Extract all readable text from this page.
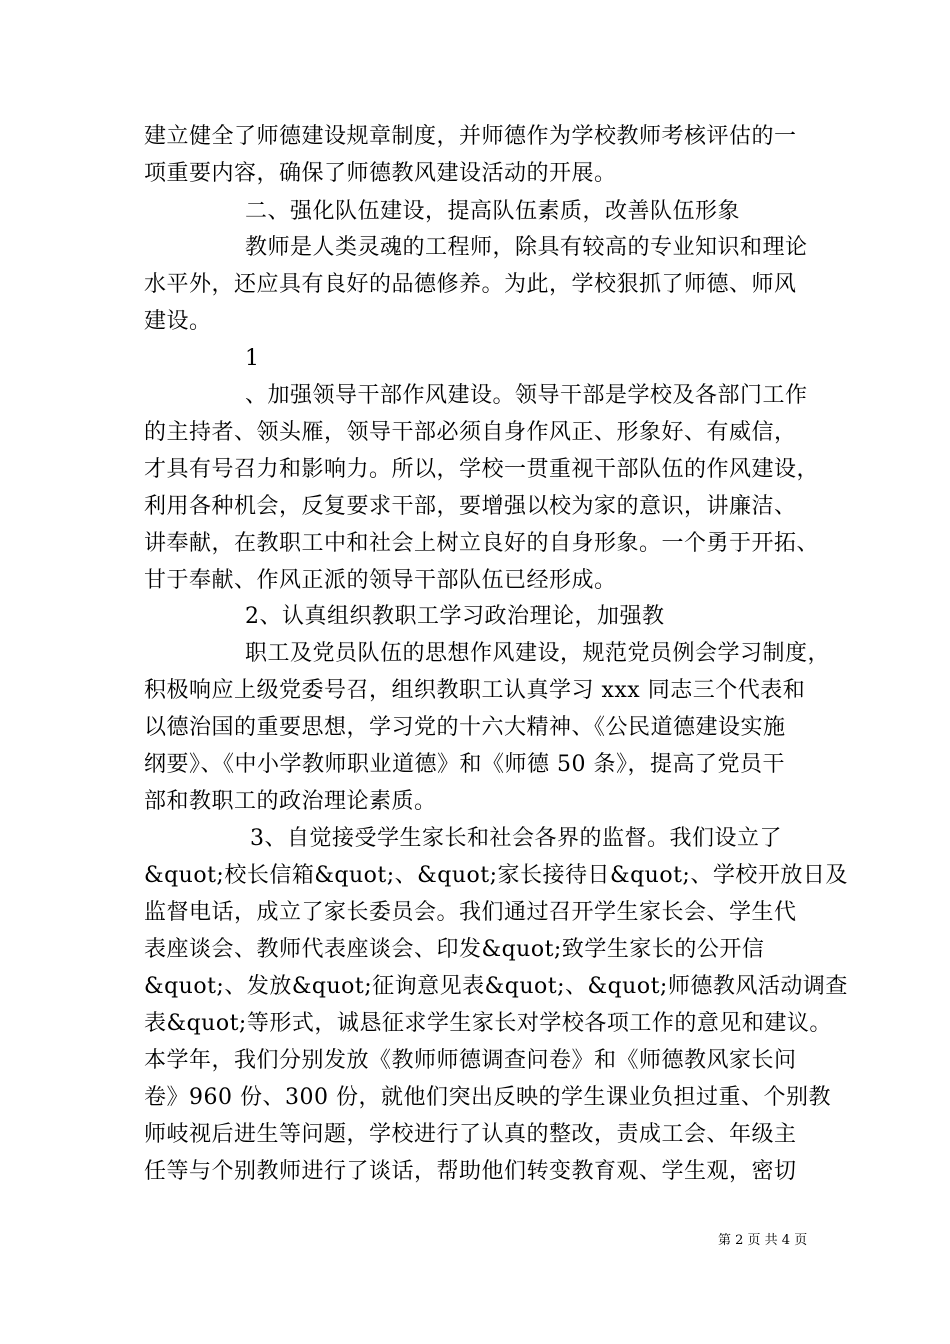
建立健全了师德建设规章制度，并师德作为学校教师考核评估的一
项重要内容，确保了师德教风建设活动的开展。
二、强化队伍建设，提高队伍素质，改善队伍形象
教师是人类灵魂的工程师，除具有较高的专业知识和理论
水平外，还应具有良好的品德修养。为此，学校狠抓了师德、师风
建设。
1
、加强领导干部作风建设。领导干部是学校及各部门工作
的主持者、领头雁，领导干部必须自身作风正、形象好、有威信，
才具有号召力和影响力。所以，学校一贯重视干部队伍的作风建设，
利用各种机会，反复要求干部，要增强以校为家的意识，讲廉洁、
讲奉献，在教职工中和社会上树立良好的自身形象。一个勇于开拓、
甘于奉献、作风正派的领导干部队伍已经形成。
2、认真组织教职工学习政治理论，加强教
职工及党员队伍的思想作风建设，规范党员例会学习制度，
积极响应上级党委号召，组织教职工认真学习 xxx 同志三个代表和
以德治国的重要思想，学习党的十六大精神、《公民道德建设实施
纲要》、《中小学教师职业道德》和《师德 50 条》，提高了党员干
部和教职工的政治理论素质。
3、自觉接受学生家长和社会各界的监督。我们设立了
&quot;校长信箱&quot;、&quot;家长接待日&quot;、学校开放日及
监督电话，成立了家长委员会。我们通过召开学生家长会、学生代
表座谈会、教师代表座谈会、印发&quot;致学生家长的公开信
&quot;、发放&quot;征询意见表&quot;、&quot;师德教风活动调查
表&quot;等形式，诚恳征求学生家长对学校各项工作的意见和建议。
本学年，我们分别发放《教师师德调查问卷》和《师德教风家长问
卷》960 份、300 份，就他们突出反映的学生课业负担过重、个别教
师岐视后进生等问题，学校进行了认真的整改，责成工会、年级主
任等与个别教师进行了谈话，帮助他们转变教育观、学生观，密切
第 2 页 共 4 页
